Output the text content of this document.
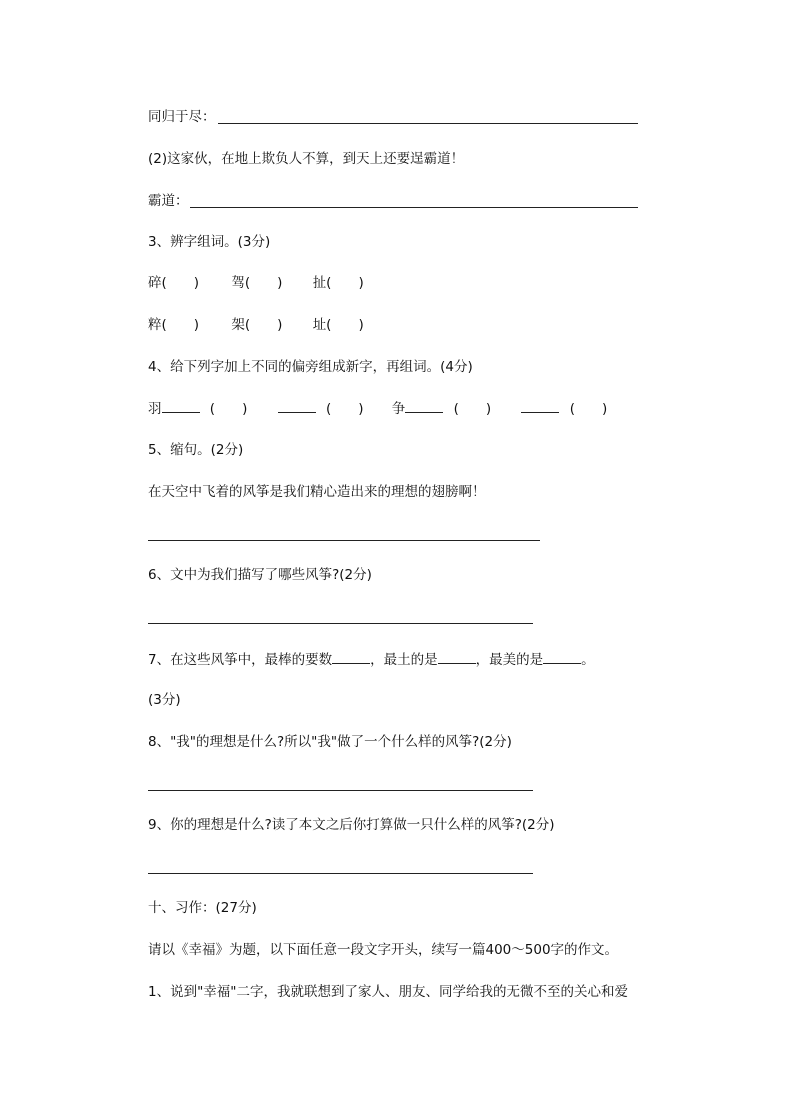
同归于尽：
(2)这家伙，在地上欺负人不算，到天上还要逞霸道！
霸道：
3、辨字组词。(3分)
碎(　　) 驾(　　) 扯(　　)
粹(　　) 架(　　) 址(　　)
4、给下列字加上不同的偏旁组成新字，再组词。(4分)
羽	(　　)	(　　) 争	(　　)	(　　)
5、缩句。(2分)
在天空中飞着的风筝是我们精心造出来的理想的翅膀啊！
6、文中为我们描写了哪些风筝?(2分)
7、在这些风筝中，最棒的要数	，最土的是	，最美的是	。
(3分)
8、"我"的理想是什么?所以"我"做了一个什么样的风筝?(2分)
9、你的理想是什么?读了本文之后你打算做一只什么样的风筝?(2分)
十、习作：(27分)
请以《幸福》为题，以下面任意一段文字开头，续写一篇400～500字的作文。
1、说到"幸福"二字，我就联想到了家人、朋友、同学给我的无微不至的关心和爱
